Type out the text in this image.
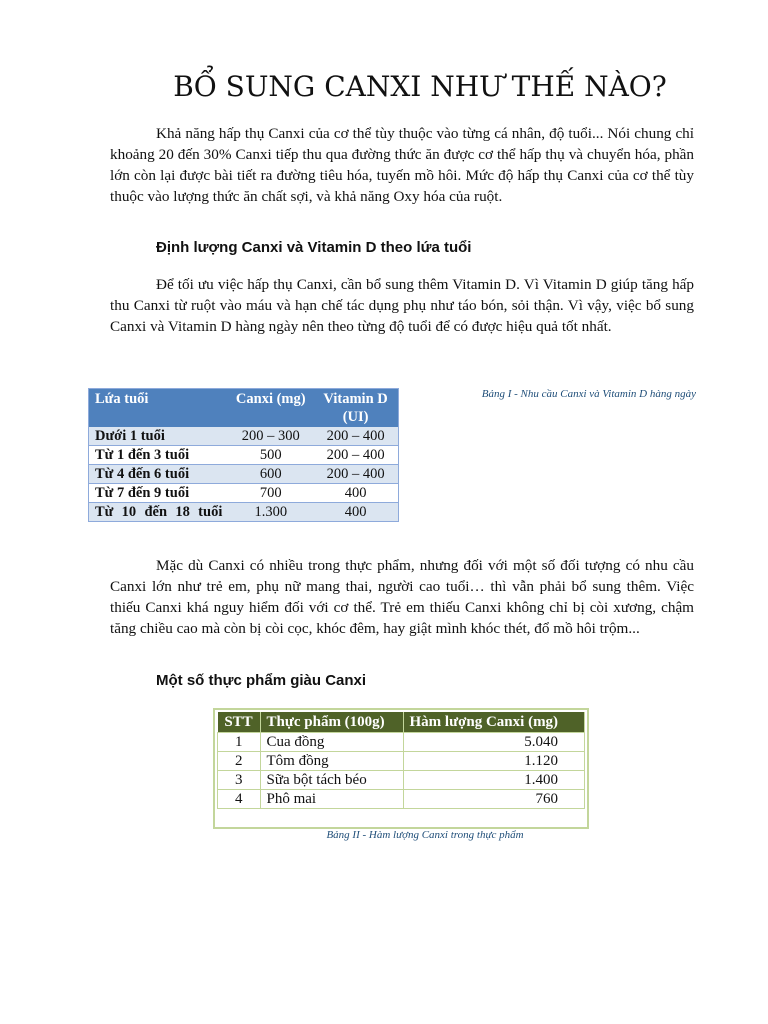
BỔ SUNG CANXI NHƯ THẾ NÀO?

Khả năng hấp thụ Canxi của cơ thể tùy thuộc vào từng cá nhân, độ tuổi... Nói chung chỉ khoảng 20 đến 30% Canxi tiếp thu qua đường thức ăn được cơ thể hấp thụ và chuyển hóa, phần lớn còn lại được bài tiết ra đường tiêu hóa, tuyến mồ hôi. Mức độ hấp thụ Canxi của cơ thể tùy thuộc vào lượng thức ăn chất sợi, và khả năng Oxy hóa của ruột.

Định lượng Canxi và Vitamin D theo lứa tuổi

Để tối ưu việc hấp thụ Canxi, cần bổ sung thêm Vitamin D. Vì Vitamin D giúp tăng hấp thu Canxi từ ruột vào máu và hạn chế tác dụng phụ như táo bón, sỏi thận. Vì vậy, việc bổ sung Canxi và Vitamin D hàng ngày nên theo từng độ tuổi để có được hiệu quả tốt nhất.

Lứa tuổi	Canxi (mg)	Vitamin D (UI)
Dưới 1 tuổi	200 – 300	200 – 400
Từ 1 đến 3 tuổi	500	200 – 400
Từ 4 đến 6 tuổi	600	200 – 400
Từ 7 đến 9 tuổi	700	400
Từ 10 đến 18 tuổi	1.300	400
Bảng I - Nhu cầu Canxi và Vitamin D hàng ngày

Mặc dù Canxi có nhiều trong thực phẩm, nhưng đối với một số đối tượng có nhu cầu Canxi lớn như trẻ em, phụ nữ mang thai, người cao tuổi… thì vẫn phải bổ sung thêm. Việc thiếu Canxi khá nguy hiểm đối với cơ thể. Trẻ em thiếu Canxi không chỉ bị còi xương, chậm tăng chiều cao mà còn bị còi cọc, khóc đêm, hay giật mình khóc thét, đổ mồ hôi trộm...

Một số thực phẩm giàu Canxi
STT	Thực phẩm (100g)	Hàm lượng Canxi (mg)
1	Cua đồng	5.040
2	Tôm đồng	1.120
3	Sữa bột tách béo	1.400
4	Phô mai	760
Bảng II - Hàm lượng Canxi trong thực phẩm
